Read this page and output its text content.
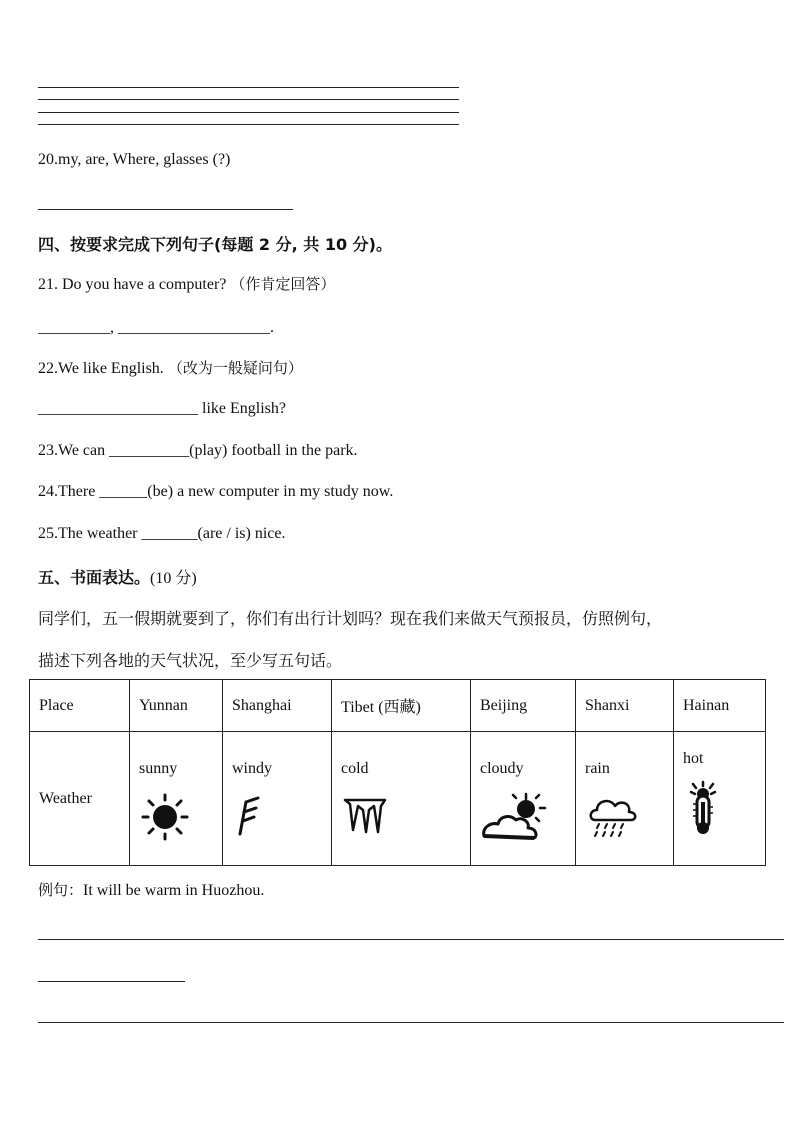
20.my, are, Where, glasses (?)
四、按要求完成下列句子(每题 2 分, 共 10 分)。
21. Do you have a computer? （作肯定回答）
_________, ___________________.
22.We like English. （改为一般疑问句）
____________________ like English?
23.We can __________(play) football in the park.
24.There ______(be) a new computer in my study now.
25.The weather _______(are / is) nice.
五、书面表达。(10 分)
同学们，五一假期就要到了，你们有出行计划吗？现在我们来做天气预报员，仿照例句，
描述下列各地的天气状况，至少写五句话。
Place	Yunnan	Shanghai	Tibet (西藏)	Beijing	Shanxi	Hainan
Weather	sunny	windy	cold	cloudy	rain	hot
例句：It will be warm in Huozhou.
